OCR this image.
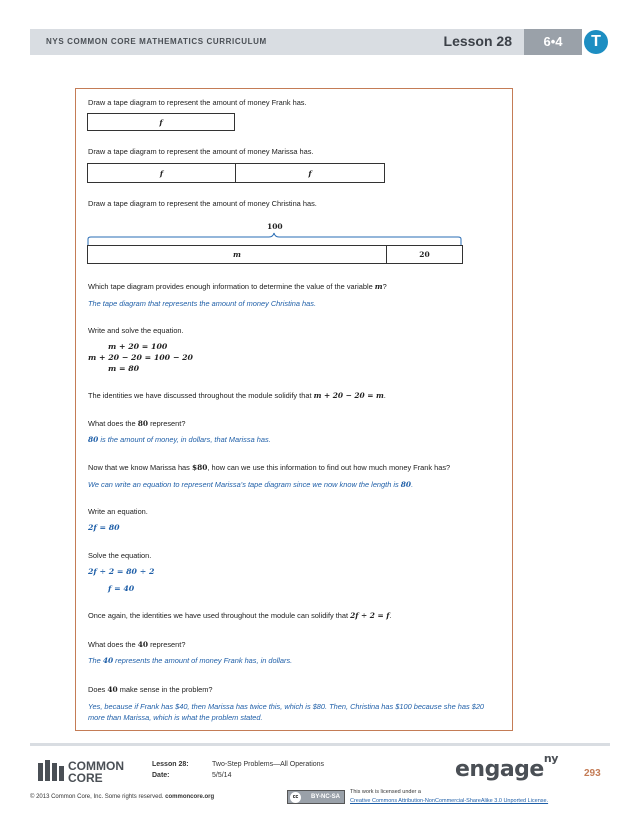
NYS COMMON CORE MATHEMATICS CURRICULUM	Lesson 28	6•4	T
Draw a tape diagram to represent the amount of money Frank has.
f
Draw a tape diagram to represent the amount of money Marissa has.
f	f
Draw a tape diagram to represent the amount of money Christina has.
100
m	20
Which tape diagram provides enough information to determine the value of the variable m?
The tape diagram that represents the amount of money Christina has.
Write and solve the equation.
m + 20 = 100
m + 20 − 20 = 100 − 20
m = 80
The identities we have discussed throughout the module solidify that m + 20 − 20 = m.
What does the 80 represent?
80 is the amount of money, in dollars, that Marissa has.
Now that we know Marissa has $80, how can we use this information to find out how much money Frank has?
We can write an equation to represent Marissa’s tape diagram since we now know the length is 80.
Write an equation.
2f = 80
Solve the equation.
2f ÷ 2 = 80 ÷ 2
f = 40
Once again, the identities we have used throughout the module can solidify that 2f ÷ 2 = f.
What does the 40 represent?
The 40 represents the amount of money Frank has, in dollars.
Does 40 make sense in the problem?
Yes, because if Frank has $40, then Marissa has twice this, which is $80. Then, Christina has $100 because she has $20
more than Marissa, which is what the problem stated.
COMMON
CORE
Lesson 28:	Two-Step Problems—All Operations
Date:	5/5/14	engage$^{ny}$
293
© 2013 Common Core, Inc. Some rights reserved. commoncore.org	cc	BY-NC-SA
This work is licensed under a
Creative Commons Attribution-NonCommercial-ShareAlike 3.0 Unported License.
